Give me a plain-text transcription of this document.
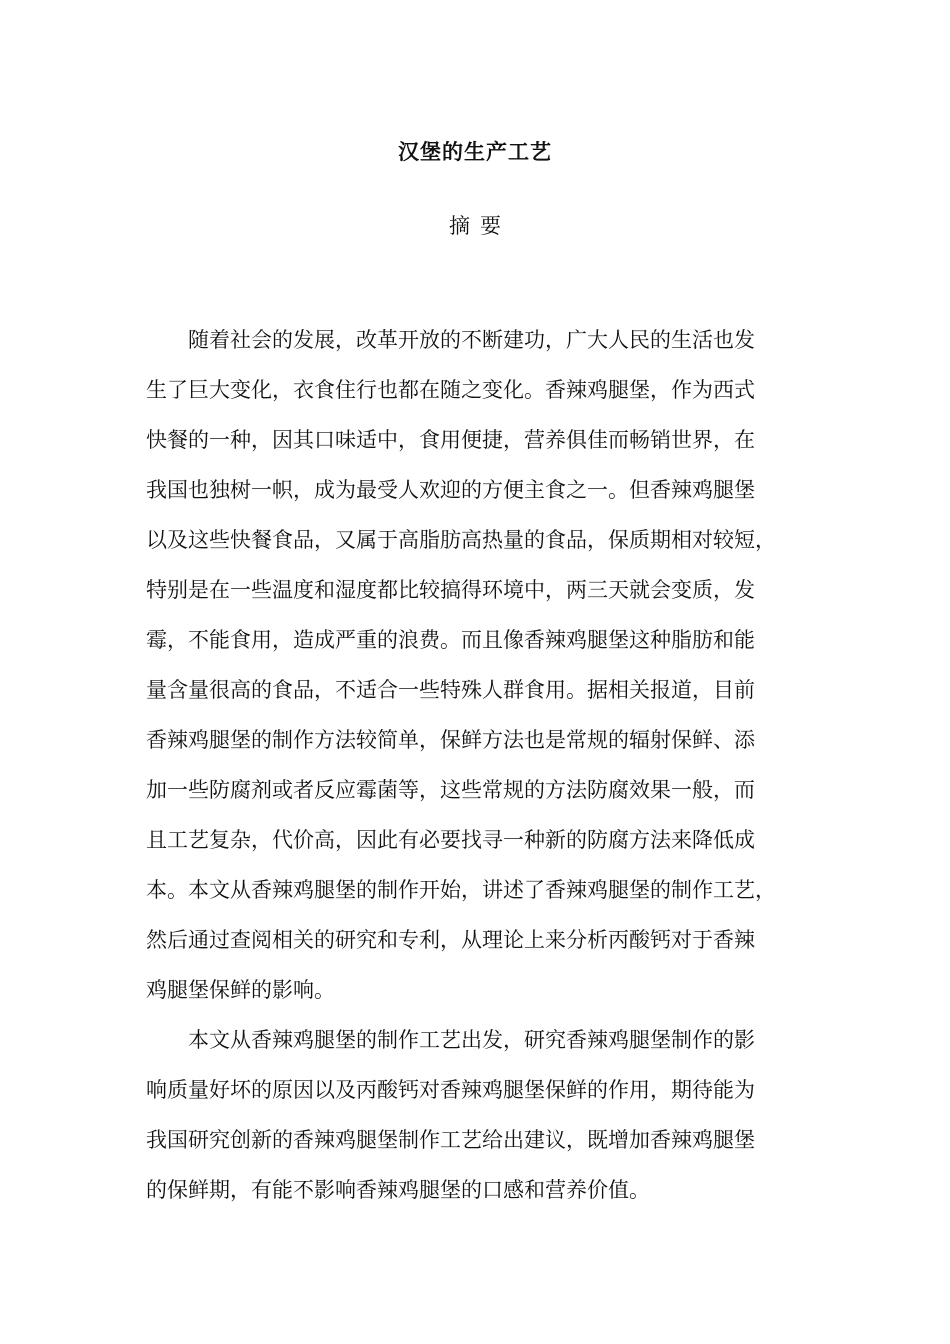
汉堡的生产工艺
摘要
随着社会的发展，改革开放的不断建功，广大人民的生活也发
生了巨大变化，衣食住行也都在随之变化。香辣鸡腿堡，作为西式
快餐的一种，因其口味适中，食用便捷，营养俱佳而畅销世界，在
我国也独树一帜，成为最受人欢迎的方便主食之一。但香辣鸡腿堡
以及这些快餐食品，又属于高脂肪高热量的食品，保质期相对较短，
特别是在一些温度和湿度都比较搞得环境中，两三天就会变质，发
霉，不能食用，造成严重的浪费。而且像香辣鸡腿堡这种脂肪和能
量含量很高的食品，不适合一些特殊人群食用。据相关报道，目前
香辣鸡腿堡的制作方法较简单，保鲜方法也是常规的辐射保鲜、添
加一些防腐剂或者反应霉菌等，这些常规的方法防腐效果一般，而
且工艺复杂，代价高，因此有必要找寻一种新的防腐方法来降低成
本。本文从香辣鸡腿堡的制作开始，讲述了香辣鸡腿堡的制作工艺，
然后通过查阅相关的研究和专利，从理论上来分析丙酸钙对于香辣
鸡腿堡保鲜的影响。
本文从香辣鸡腿堡的制作工艺出发，研究香辣鸡腿堡制作的影
响质量好坏的原因以及丙酸钙对香辣鸡腿堡保鲜的作用，期待能为
我国研究创新的香辣鸡腿堡制作工艺给出建议，既增加香辣鸡腿堡
的保鲜期，有能不影响香辣鸡腿堡的口感和营养价值。
